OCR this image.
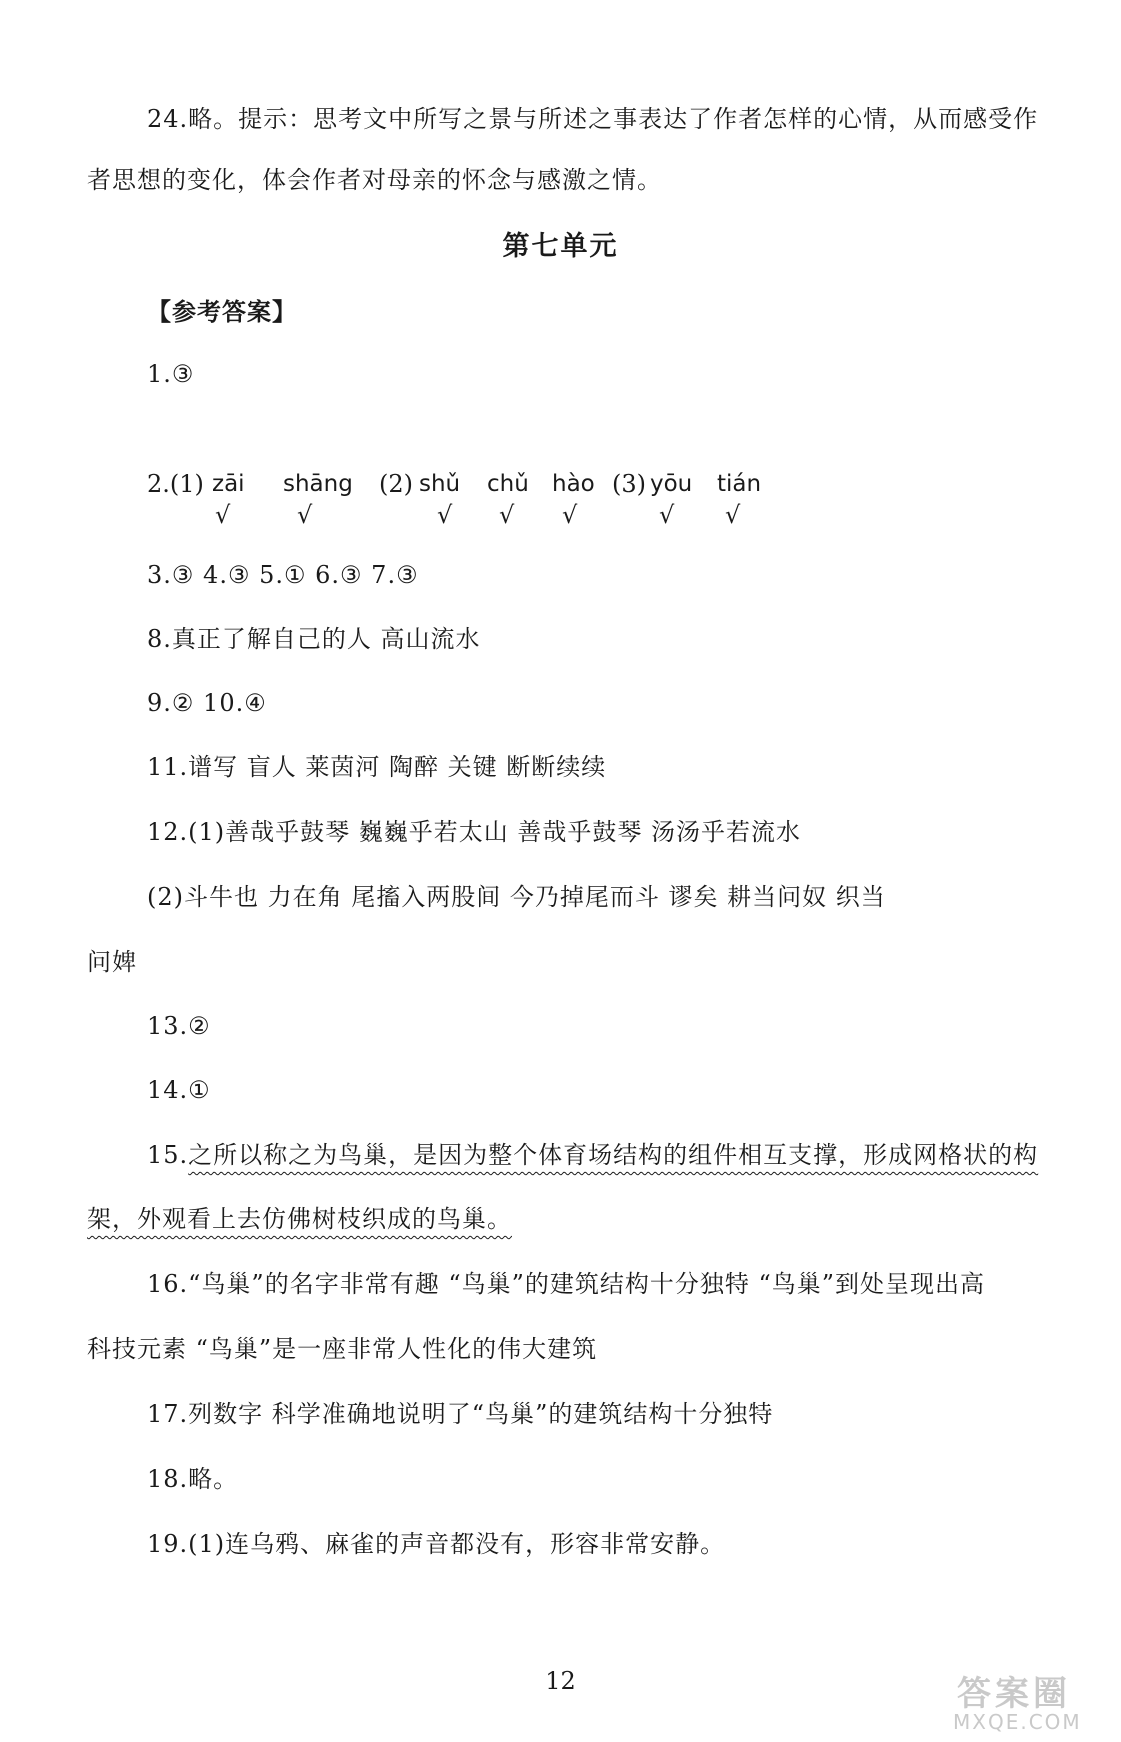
24.略。提示：思考文中所写之景与所述之事表达了作者怎样的心情，从而感受作
者思想的变化，体会作者对母亲的怀念与感激之情。
第七单元
【参考答案】
1.③
2.(1) zāi shāng (2) shǔ chǔ hào (3) yōu tián
√	√	√ √ √	√ √
3.③ 4.③ 5.① 6.③ 7.③
8.真正了解自己的人 高山流水
9.② 10.④
11.谱写 盲人 莱茵河 陶醉 关键 断断续续
12.(1)善哉乎鼓琴 巍巍乎若太山 善哉乎鼓琴 汤汤乎若流水
(2)斗牛也 力在角 尾搐入两股间 今乃掉尾而斗 谬矣 耕当问奴 织当
问婢
13.②
14.①
15.之所以称之为鸟巢，是因为整个体育场结构的组件相互支撑，形成网格状的构
架，外观看上去仿佛树枝织成的鸟巢。
16.“鸟巢”的名字非常有趣 “鸟巢”的建筑结构十分独特 “鸟巢”到处呈现出高
科技元素 “鸟巢”是一座非常人性化的伟大建筑
17.列数字 科学准确地说明了“鸟巢”的建筑结构十分独特
18.略。
19.(1)连乌鸦、麻雀的声音都没有，形容非常安静。
12	答案圈
MXQE.COM
